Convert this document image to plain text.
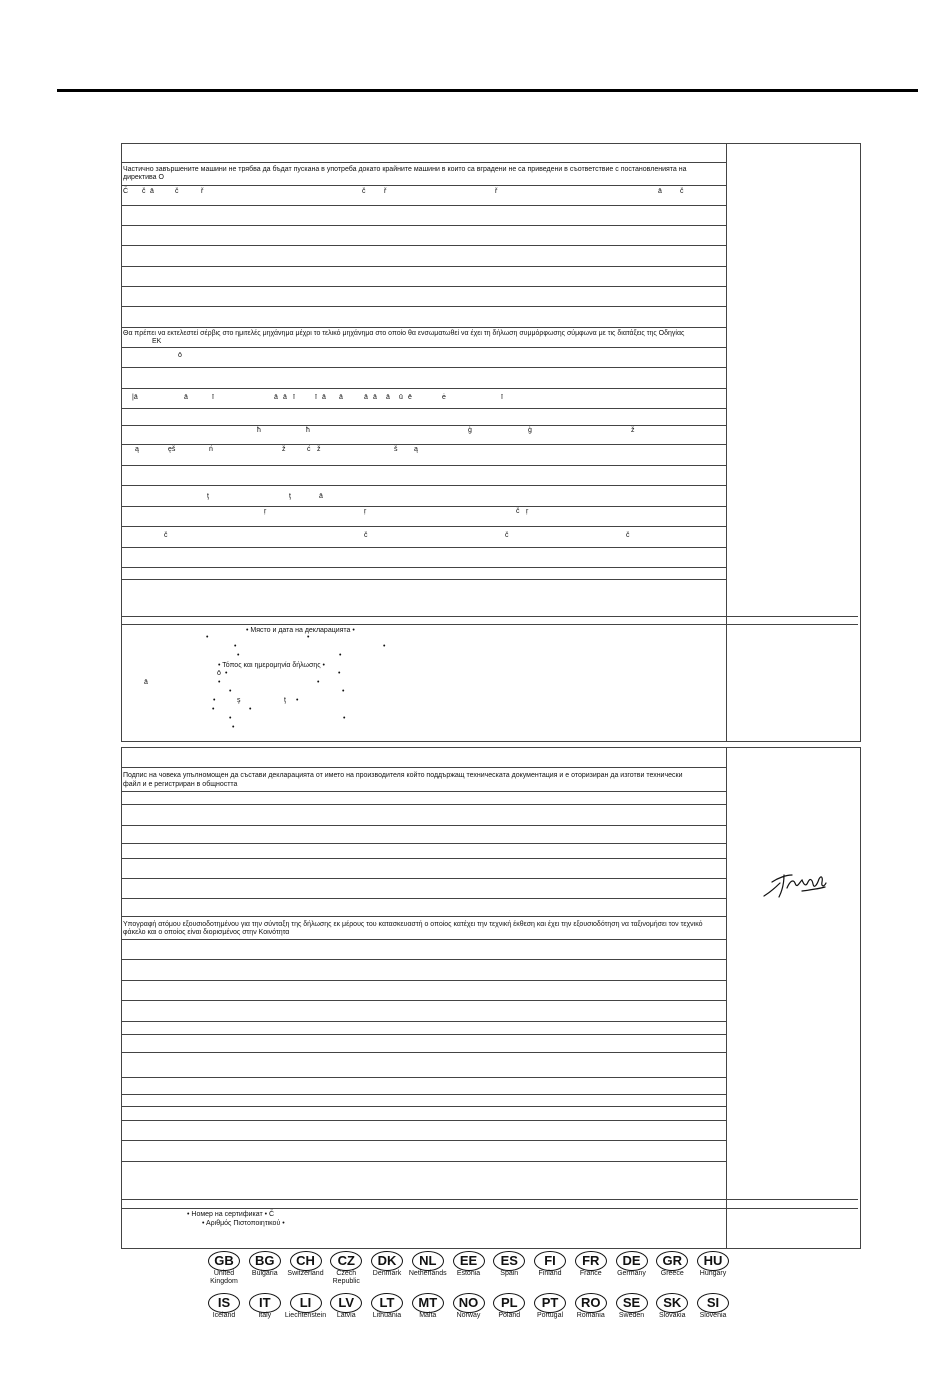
Частично завършените машини не трябва да бъдат пускана в употреба докато крайните машини в които са вградени не са приведени в съответствие с постановленията на
директива O
Θα πρέπει να εκτελεστεί σέρβις στο ημιτελές μηχάνημα μέχρι το τελικό μηχάνημα στο οποίο θα ενσωματωθεί να έχει τη δήλωση συμμόρφωσης σύμφωνα με τις διατάξεις της Οδηγίας
EK
• Място и дата на декларацията •
• Τόπος και ημερομηνία δήλωσης •
•	•
•	•
•	•
ō •	•
ā	•	•
•	•
•	ş	ţ •
•	•
•	•
•
Č č ā	č	ř	č	ř	ř	ā	č
ō
|ā	ā	ī	ā ā ī	ī ā ā	ā ā ā ū ē	ė	ī
ħ	ħ	ģ	ģ	ž
ą	ęš	ń	ž	ć ž	š ą
ţ	ţ	ā
ŗ	ŗ	č ŗ
č	č	č	č
Подпис на човека упълномощен да състави декларацията от името на производителя който поддържащ техническата документация и е оторизиран да изготви технически
файл и е регистриран в общността
Υπογραφή ατόμου εξουσιοδοτημένου για την σύνταξη της δήλωσης εκ μέρους του κατασκευαστή ο οποίος κατέχει την τεχνική έκθεση και έχει την εξουσιοδότηση να ταξινομήσει τον τεχνικό
φάκελο και ο οποίος είναι διορισμένος στην Κοινότητα
• Номер на сертификат • Č
• Αριθμός Πιστοποιητικού •
GB
United Kingdom
BG
Bulgaria
CH
Switzerland
CZ
Czech Republic
DK
Denmark
NL
Netherlands
EE
Estonia
ES
Spain
FI
Finland
FR
France
DE
Germany
GR
Greece
HU
Hungary
IS
Iceland
IT
Italy
LI
Liechtenstein
LV
Latvia
LT
Lithuania
MT
Malta
NO
Norway
PL
Poland
PT
Portugal
RO
Romania
SE
Sweden
SK
Slovakia
SI
Slovenia
